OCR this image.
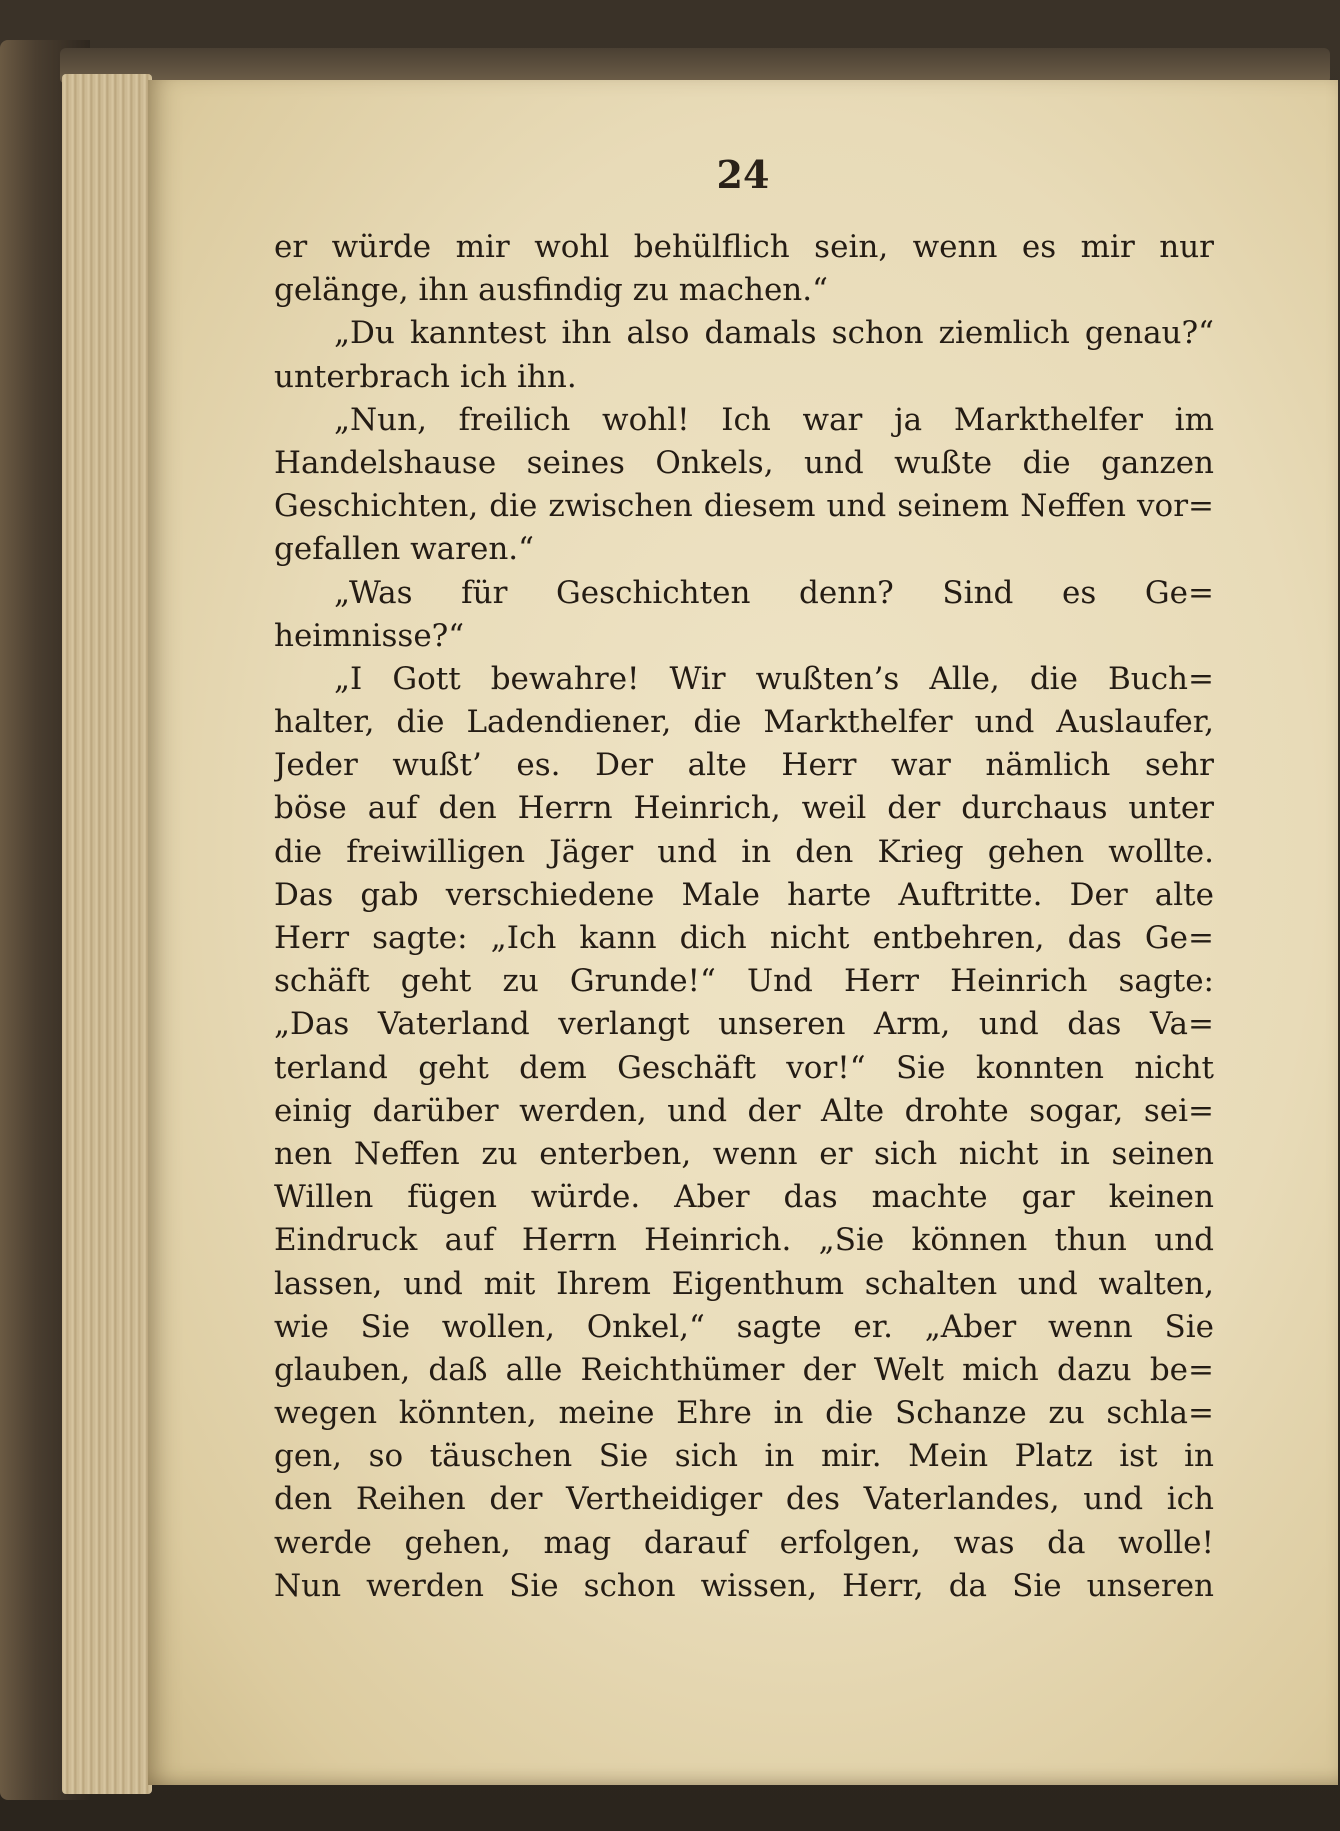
24
er würde mir wohl behülflich sein, wenn es mir nur
gelänge, ihn ausfindig zu machen.“
„Du kanntest ihn also damals schon ziemlich genau?“
unterbrach ich ihn.
„Nun, freilich wohl! Ich war ja Markthelfer im
Handelshause seines Onkels, und wußte die ganzen
Geschichten, die zwischen diesem und seinem Neffen vor=
gefallen waren.“
„Was für Geschichten denn? Sind es Ge=
heimnisse?“
„I Gott bewahre! Wir wußten’s Alle, die Buch=
halter, die Ladendiener, die Markthelfer und Auslaufer,
Jeder wußt’ es. Der alte Herr war nämlich sehr
böse auf den Herrn Heinrich, weil der durchaus unter
die freiwilligen Jäger und in den Krieg gehen wollte.
Das gab verschiedene Male harte Auftritte. Der alte
Herr sagte: „Ich kann dich nicht entbehren, das Ge=
schäft geht zu Grunde!“ Und Herr Heinrich sagte:
„Das Vaterland verlangt unseren Arm, und das Va=
terland geht dem Geschäft vor!“ Sie konnten nicht
einig darüber werden, und der Alte drohte sogar, sei=
nen Neffen zu enterben, wenn er sich nicht in seinen
Willen fügen würde. Aber das machte gar keinen
Eindruck auf Herrn Heinrich. „Sie können thun und
lassen, und mit Ihrem Eigenthum schalten und walten,
wie Sie wollen, Onkel,“ sagte er. „Aber wenn Sie
glauben, daß alle Reichthümer der Welt mich dazu be=
wegen könnten, meine Ehre in die Schanze zu schla=
gen, so täuschen Sie sich in mir. Mein Platz ist in
den Reihen der Vertheidiger des Vaterlandes, und ich
werde gehen, mag darauf erfolgen, was da wolle!
Nun werden Sie schon wissen, Herr, da Sie unseren
